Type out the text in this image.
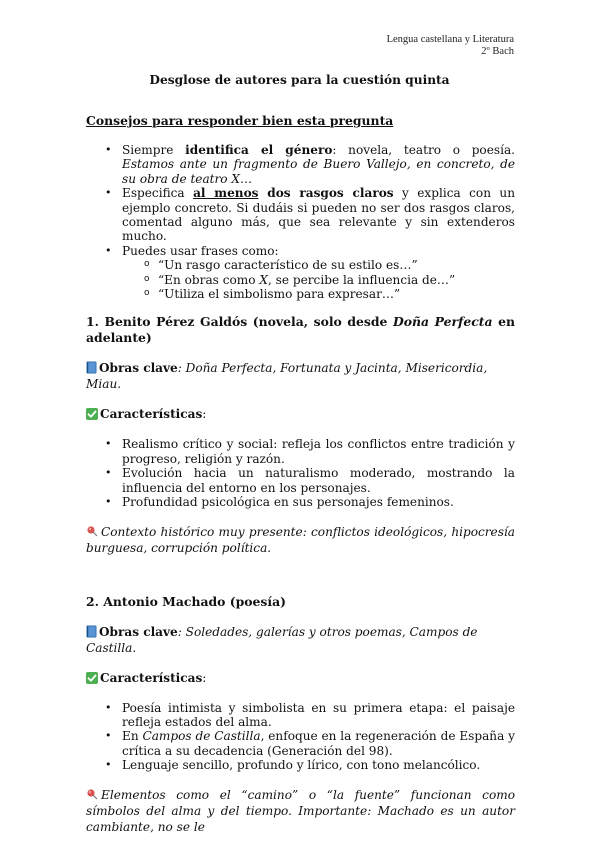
Lengua castellana y Literatura
2º Bach
Desglose de autores para la cuestión quinta
Consejos para responder bien esta pregunta
• Siempre identifica el género: novela, teatro o poesía. Estamos ante un fragmento de Buero Vallejo, en concreto, de su obra de teatro X…
• Especifica al menos dos rasgos claros y explica con un ejemplo concreto. Si dudáis si pueden no ser dos rasgos claros, comentad alguno más, que sea relevante y sin extenderos mucho.
• Puedes usar frases como:
o “Un rasgo característico de su estilo es…”
o “En obras como X, se percibe la influencia de…”
o “Utiliza el simbolismo para expresar…”
1. Benito Pérez Galdós (novela, solo desde Doña Perfecta en adelante)

Obras clave: Doña Perfecta, Fortunata y Jacinta, Misericordia, Miau.

Características:

• Realismo crítico y social: refleja los conflictos entre tradición y progreso, religión y razón.
• Evolución hacia un naturalismo moderado, mostrando la influencia del entorno en los personajes.
• Profundidad psicológica en sus personajes femeninos.

Contexto histórico muy presente: conflictos ideológicos, hipocresía burguesa, corrupción política.

2. Antonio Machado (poesía)

Obras clave: Soledades, galerías y otros poemas, Campos de Castilla.

Características:

• Poesía intimista y simbolista en su primera etapa: el paisaje refleja estados del alma.
• En Campos de Castilla, enfoque en la regeneración de España y crítica a su decadencia (Generación del 98).
• Lenguaje sencillo, profundo y lírico, con tono melancólico.

Elementos como el “camino” o “la fuente” funcionan como símbolos del alma y del tiempo. Importante: Machado es un autor cambiante, no se le
